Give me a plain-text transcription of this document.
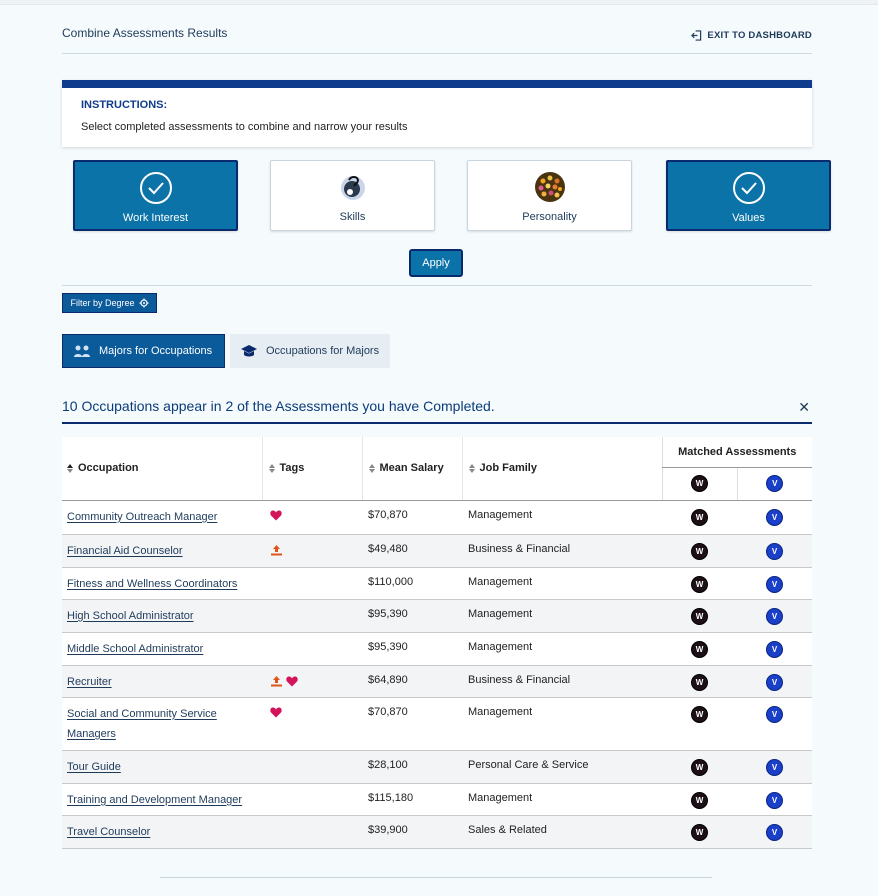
Combine Assessments Results	EXIT TO DASHBOARD
INSTRUCTIONS:
Select completed assessments to combine and narrow your results
Work Interest	Skills	Personality	Values
Apply
Filter by Degree
Majors for Occupations	Occupations for Majors
10 Occupations appear in 2 of the Assessments you have Completed.	✕
Occupation	Tags	Mean Salary	Job Family	Matched Assessments	
				W	V
Community Outreach Manager		$70,870	Management	W	V
Financial Aid Counselor		$49,480	Business & Financial	W	V
Fitness and Wellness Coordinators		$110,000	Management	W	V
High School Administrator		$95,390	Management	W	V
Middle School Administrator		$95,390	Management	W	V
Recruiter		$64,890	Business & Financial	W	V
Social and Community Service Managers		$70,870	Management	W	V
Tour Guide		$28,100	Personal Care & Service	W	V
Training and Development Manager		$115,180	Management	W	V
Travel Counselor		$39,900	Sales & Related	W	V
